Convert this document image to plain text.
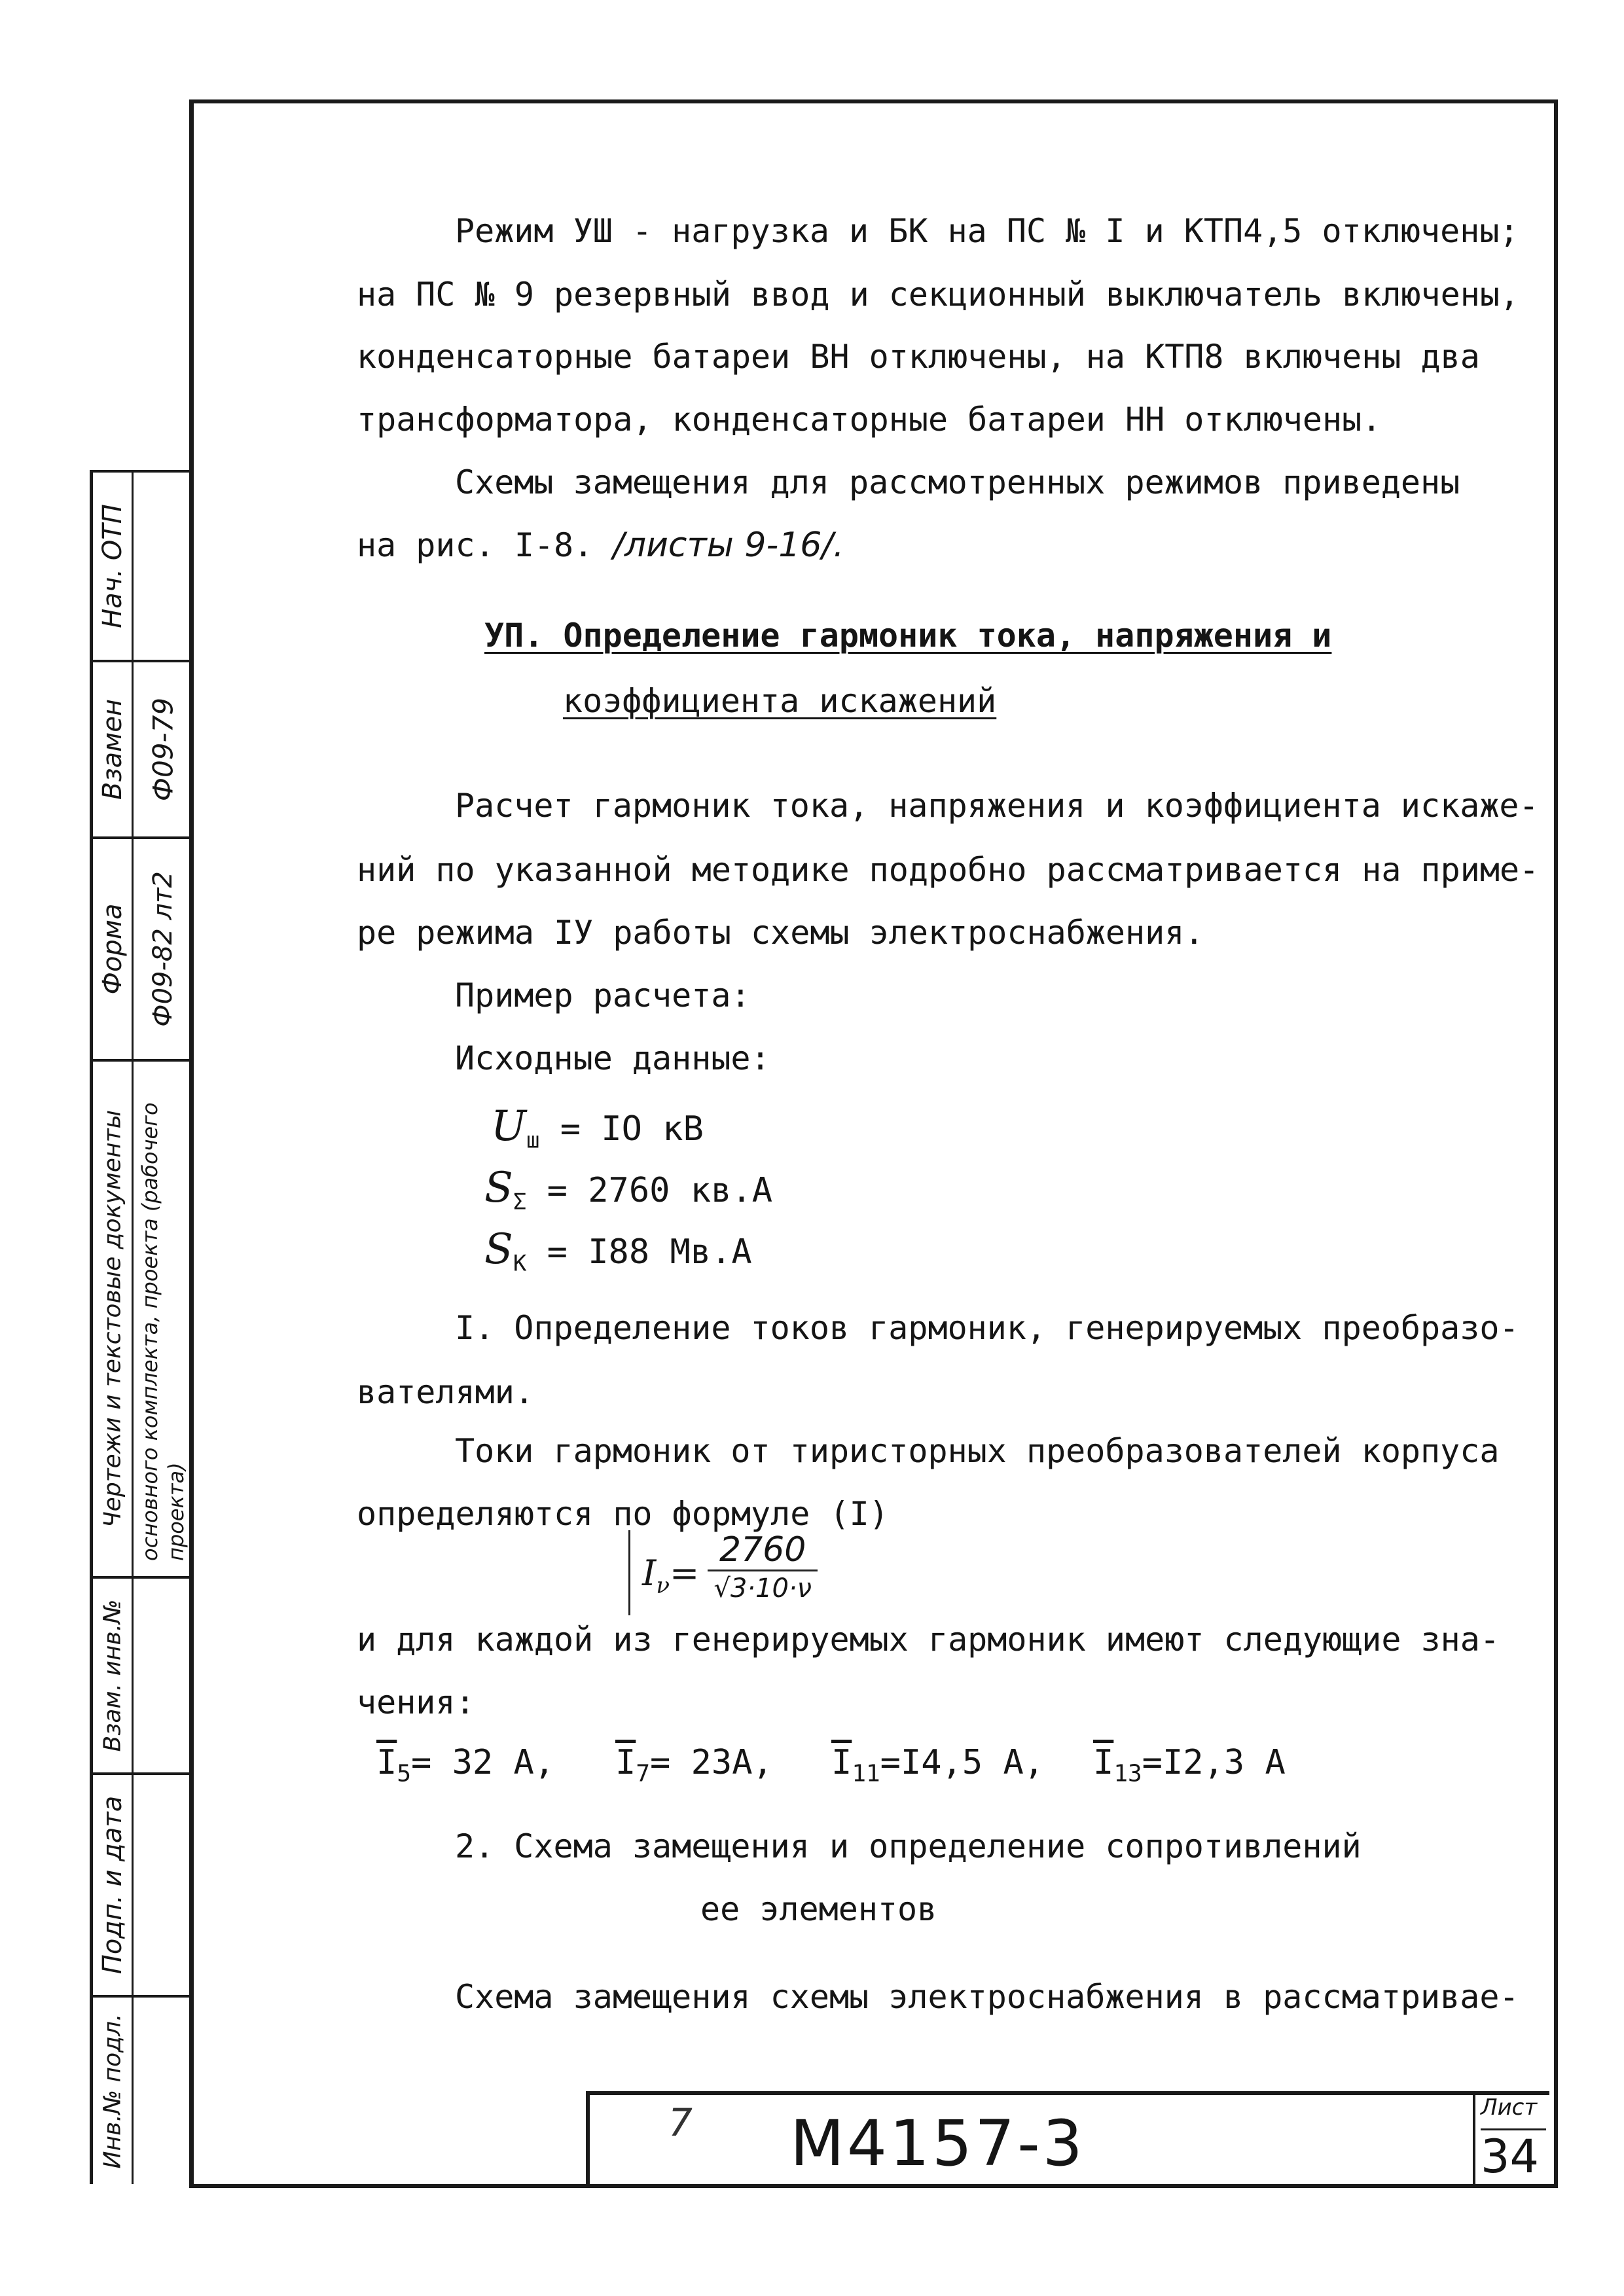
Режим УШ - нагрузка и БК на ПС № I и КТП4,5 отключены;
на ПС № 9 резервный ввод и секционный выключатель включены,
конденсаторные батареи ВН отключены, на КТП8 включены два
трансформатора, конденсаторные батареи НН отключены.
Схемы замещения для рассмотренных режимов приведены
на рис. I-8. /листы 9-16/.
УП. Определение гармоник тока, напряжения и
коэффициента искажений
Расчет гармоник тока, напряжения и коэффициента искаже-
ний по указанной методике подробно рассматривается на приме-
ре режима IУ работы схемы электроснабжения.
Пример расчета:
Исходные данные:
$U_ш$ = IO кВ
$S_\Sigma = 2760$ кв.А
$S_К = I88$ Мв.А
I. Определение токов гармоник, генерируемых преобразо-
вателями.
Токи гармоник от тиристорных преобразователей корпуса
определяются по формуле (I)
$I_\nu=$
2760
√3·10·ν
и для каждой из генерируемых гармоник имеют следующие зна-
чения:
$\overline{I}_5= 32$ А, $\overline{I}_7= 23А$, $\overline{I}_{11}=I4,5$ А, $\overline{I}_{13}=I2,3$ А
2. Схема замещения и определение сопротивлений
ее элементов
Схема замещения схемы электроснабжения в рассматривае-
Нач. ОТП
Взамен Ф09-79
Форма Ф09-82 лт2
Чертежи и текстовые документы основного комплекта, проекта (рабочего проекта)
Взам. инв.№
Подп. и дата
Инв.№ подл.	7 М4157-3	Лист
34
